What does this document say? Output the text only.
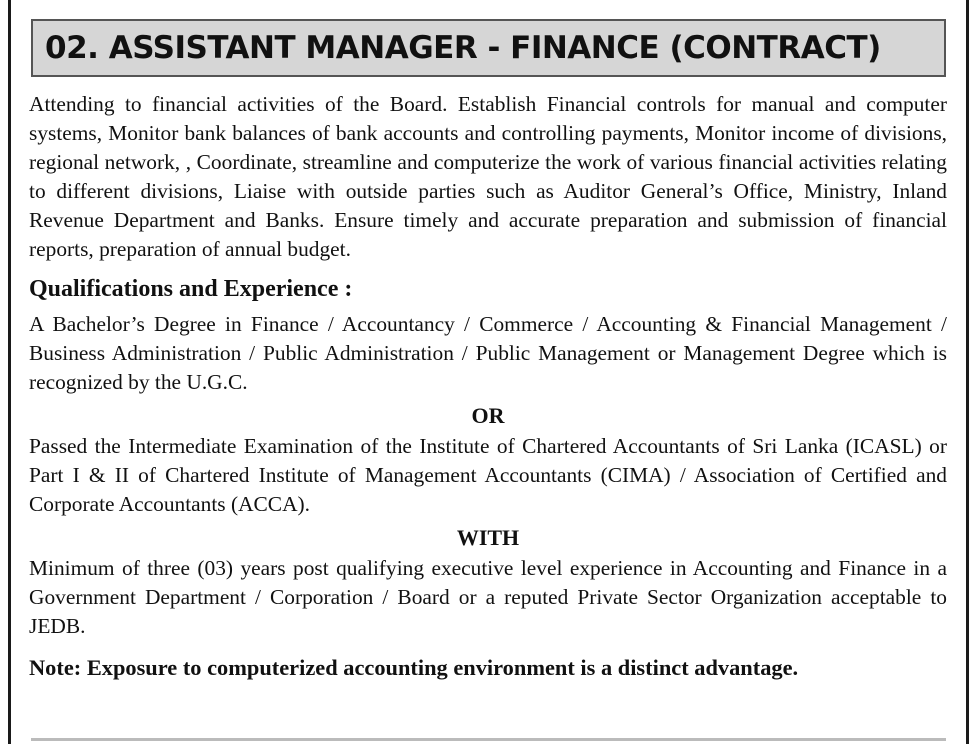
02. ASSISTANT MANAGER - FINANCE (CONTRACT)

Attending to financial activities of the Board. Establish Financial controls for manual and computer systems, Monitor bank balances of bank accounts and controlling payments, Monitor income of divisions, regional network, , Coordinate, streamline and computerize the work of various financial activities relating to different divisions, Liaise with outside parties such as Auditor General’s Office, Ministry, Inland Revenue Department and Banks. Ensure timely and accurate preparation and submission of financial reports, preparation of annual budget.

Qualifications and Experience :

A Bachelor’s Degree in Finance / Accountancy / Commerce / Accounting & Financial Management / Business Administration / Public Administration / Public Management or Management Degree which is recognized by the U.G.C.

OR

Passed the Intermediate Examination of the Institute of Chartered Accountants of Sri Lanka (ICASL) or Part I & II of Chartered Institute of Management Accountants (CIMA) / Association of Certified and Corporate Accountants (ACCA).

WITH

Minimum of three (03) years post qualifying executive level experience in Accounting and Finance in a Government Department / Corporation / Board or a reputed Private Sector Organization acceptable to JEDB.

Note: Exposure to computerized accounting environment is a distinct advantage.
